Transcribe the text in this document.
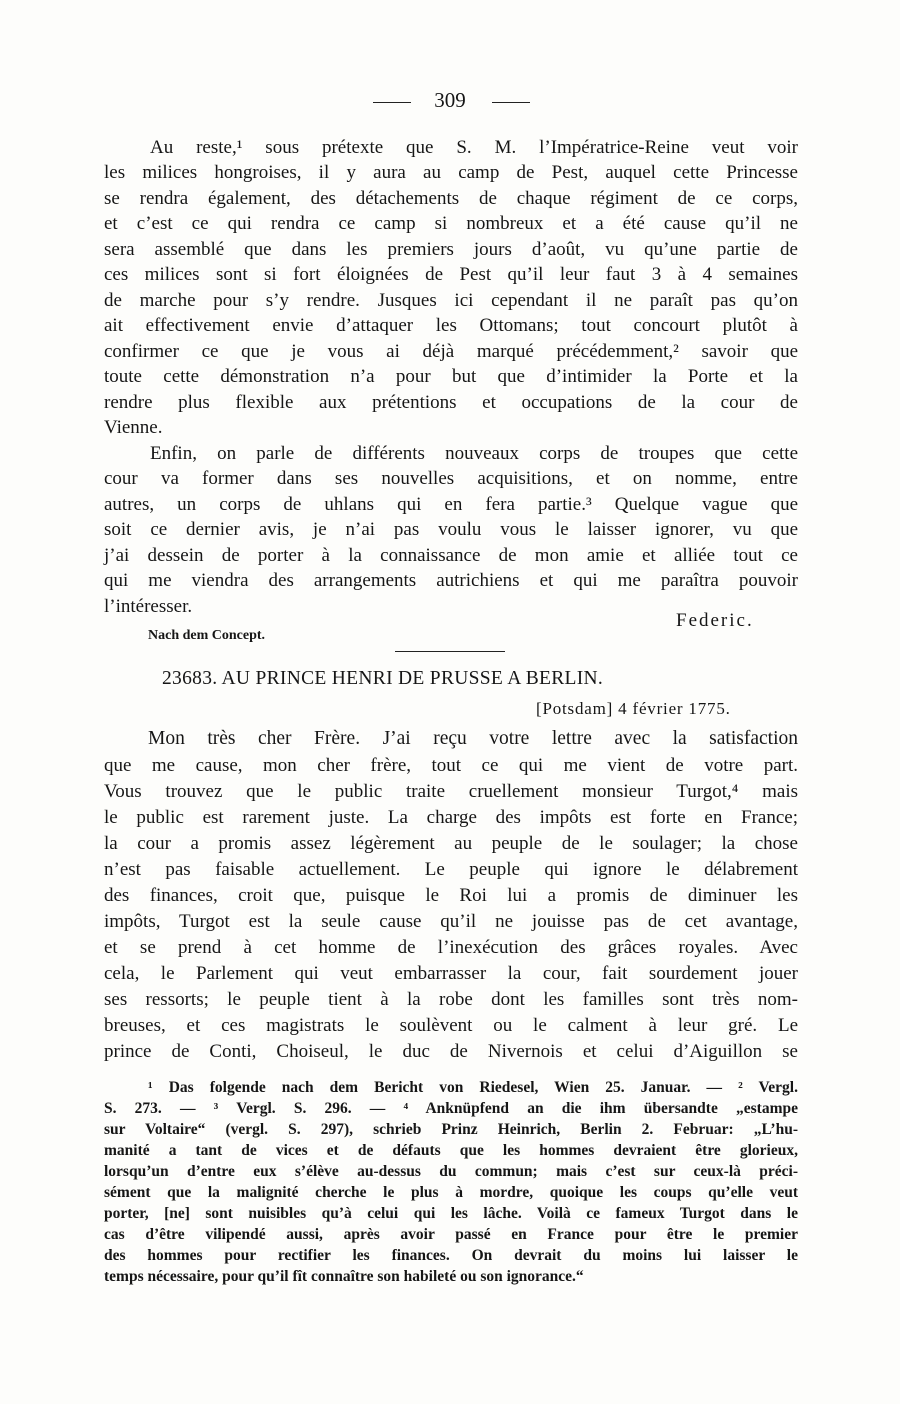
309
Au reste,¹ sous prétexte que S. M. l’Impératrice-Reine veut voir
les milices hongroises, il y aura au camp de Pest, auquel cette Princesse
se rendra également, des détachements de chaque régiment de ce corps,
et c’est ce qui rendra ce camp si nombreux et a été cause qu’il ne
sera assemblé que dans les premiers jours d’août, vu qu’une partie de
ces milices sont si fort éloignées de Pest qu’il leur faut 3 à 4 semaines
de marche pour s’y rendre. Jusques ici cependant il ne paraît pas qu’on
ait effectivement envie d’attaquer les Ottomans; tout concourt plutôt à
confirmer ce que je vous ai déjà marqué précédemment,² savoir que
toute cette démonstration n’a pour but que d’intimider la Porte et la
rendre plus flexible aux prétentions et occupations de la cour de
Vienne.
Enfin, on parle de différents nouveaux corps de troupes que cette
cour va former dans ses nouvelles acquisitions, et on nomme, entre
autres, un corps de uhlans qui en fera partie.³ Quelque vague que
soit ce dernier avis, je n’ai pas voulu vous le laisser ignorer, vu que
j’ai dessein de porter à la connaissance de mon amie et alliée tout ce
qui me viendra des arrangements autrichiens et qui me paraîtra pouvoir
l’intéresser.
Federic.
Nach dem Concept.
23683. AU PRINCE HENRI DE PRUSSE A BERLIN.
[Potsdam] 4 février 1775.
Mon très cher Frère. J’ai reçu votre lettre avec la satisfaction
que me cause, mon cher frère, tout ce qui me vient de votre part.
Vous trouvez que le public traite cruellement monsieur Turgot,⁴ mais
le public est rarement juste. La charge des impôts est forte en France;
la cour a promis assez légèrement au peuple de le soulager; la chose
n’est pas faisable actuellement. Le peuple qui ignore le délabrement
des finances, croit que, puisque le Roi lui a promis de diminuer les
impôts, Turgot est la seule cause qu’il ne jouisse pas de cet avantage,
et se prend à cet homme de l’inexécution des grâces royales. Avec
cela, le Parlement qui veut embarrasser la cour, fait sourdement jouer
ses ressorts; le peuple tient à la robe dont les familles sont très nom-
breuses, et ces magistrats le soulèvent ou le calment à leur gré. Le
prince de Conti, Choiseul, le duc de Nivernois et celui d’Aiguillon se
¹ Das folgende nach dem Bericht von Riedesel, Wien 25. Januar. — ² Vergl.
S. 273. — ³ Vergl. S. 296. — ⁴ Anknüpfend an die ihm übersandte „estampe
sur Voltaire“ (vergl. S. 297), schrieb Prinz Heinrich, Berlin 2. Februar: „L’hu-
manité a tant de vices et de défauts que les hommes devraient être glorieux,
lorsqu’un d’entre eux s’élève au-dessus du commun; mais c’est sur ceux-là préci-
sément que la malignité cherche le plus à mordre, quoique les coups qu’elle veut
porter, [ne] sont nuisibles qu’à celui qui les lâche. Voilà ce fameux Turgot dans le
cas d’être vilipendé aussi, après avoir passé en France pour être le premier
des hommes pour rectifier les finances. On devrait du moins lui laisser le
temps nécessaire, pour qu’il fît connaître son habileté ou son ignorance.“
